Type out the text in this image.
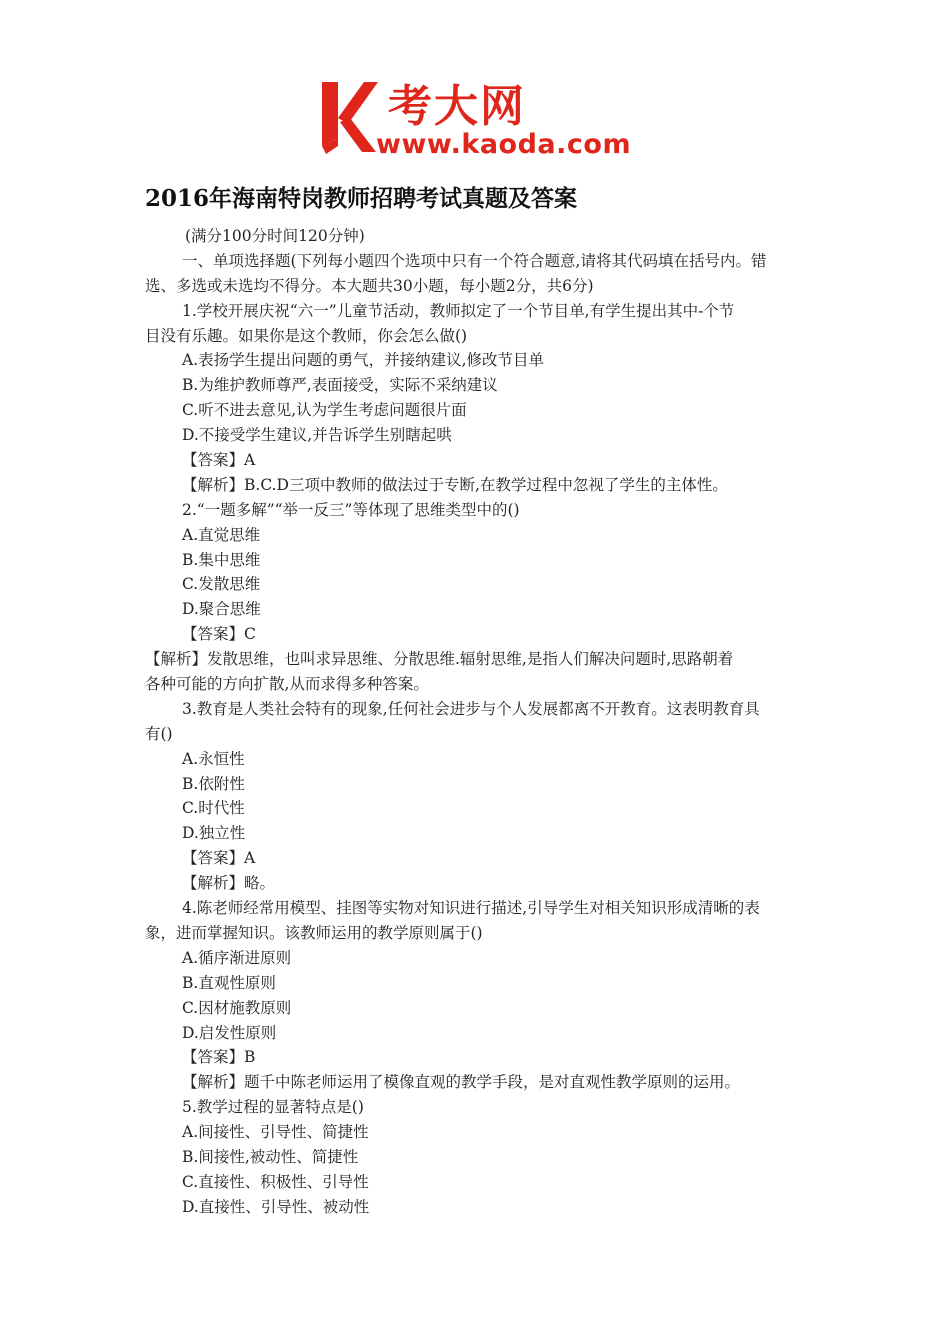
考大网
www.kaoda.com
2016年海南特岗教师招聘考试真题及答案
(满分100分时间120分钟)
一、单项选择题(下列每小题四个选项中只有一个符合题意,请将其代码填在括号内。错
选、多选或未选均不得分。本大题共30小题，每小题2分，共6分)
1.学校开展庆祝“六一”儿童节活动，教师拟定了一个节目单,有学生提出其中-个节
目没有乐趣。如果你是这个教师，你会怎么做()
A.表扬学生提出问题的勇气，并接纳建议,修改节目单
B.为维护教师尊严,表面接受，实际不采纳建议
C.听不进去意见,认为学生考虑问题很片面
D.不接受学生建议,并告诉学生别瞎起哄
【答案】A
【解析】B.C.D三项中教师的做法过于专断,在教学过程中忽视了学生的主体性。
2.“一题多解”“举一反三”等体现了思维类型中的()
A.直觉思维
B.集中思维
C.发散思维
D.聚合思维
【答案】C
【解析】发散思维，也叫求异思维、分散思维.辐射思维,是指人们解决问题时,思路朝着
各种可能的方向扩散,从而求得多种答案。
3.教育是人类社会特有的现象,任何社会进步与个人发展都离不开教育。这表明教育具
有()
A.永恒性
B.依附性
C.时代性
D.独立性
【答案】A
【解析】略。
4.陈老师经常用模型、挂图等实物对知识进行描述,引导学生对相关知识形成清晰的表
象，进而掌握知识。该教师运用的教学原则属于()
A.循序渐进原则
B.直观性原则
C.因材施教原则
D.启发性原则
【答案】B
【解析】题千中陈老师运用了模像直观的教学手段，是对直观性教学原则的运用。
5.教学过程的显著特点是()
A.间接性、引导性、简捷性
B.间接性,被动性、简捷性
C.直接性、积极性、引导性
D.直接性、引导性、被动性
